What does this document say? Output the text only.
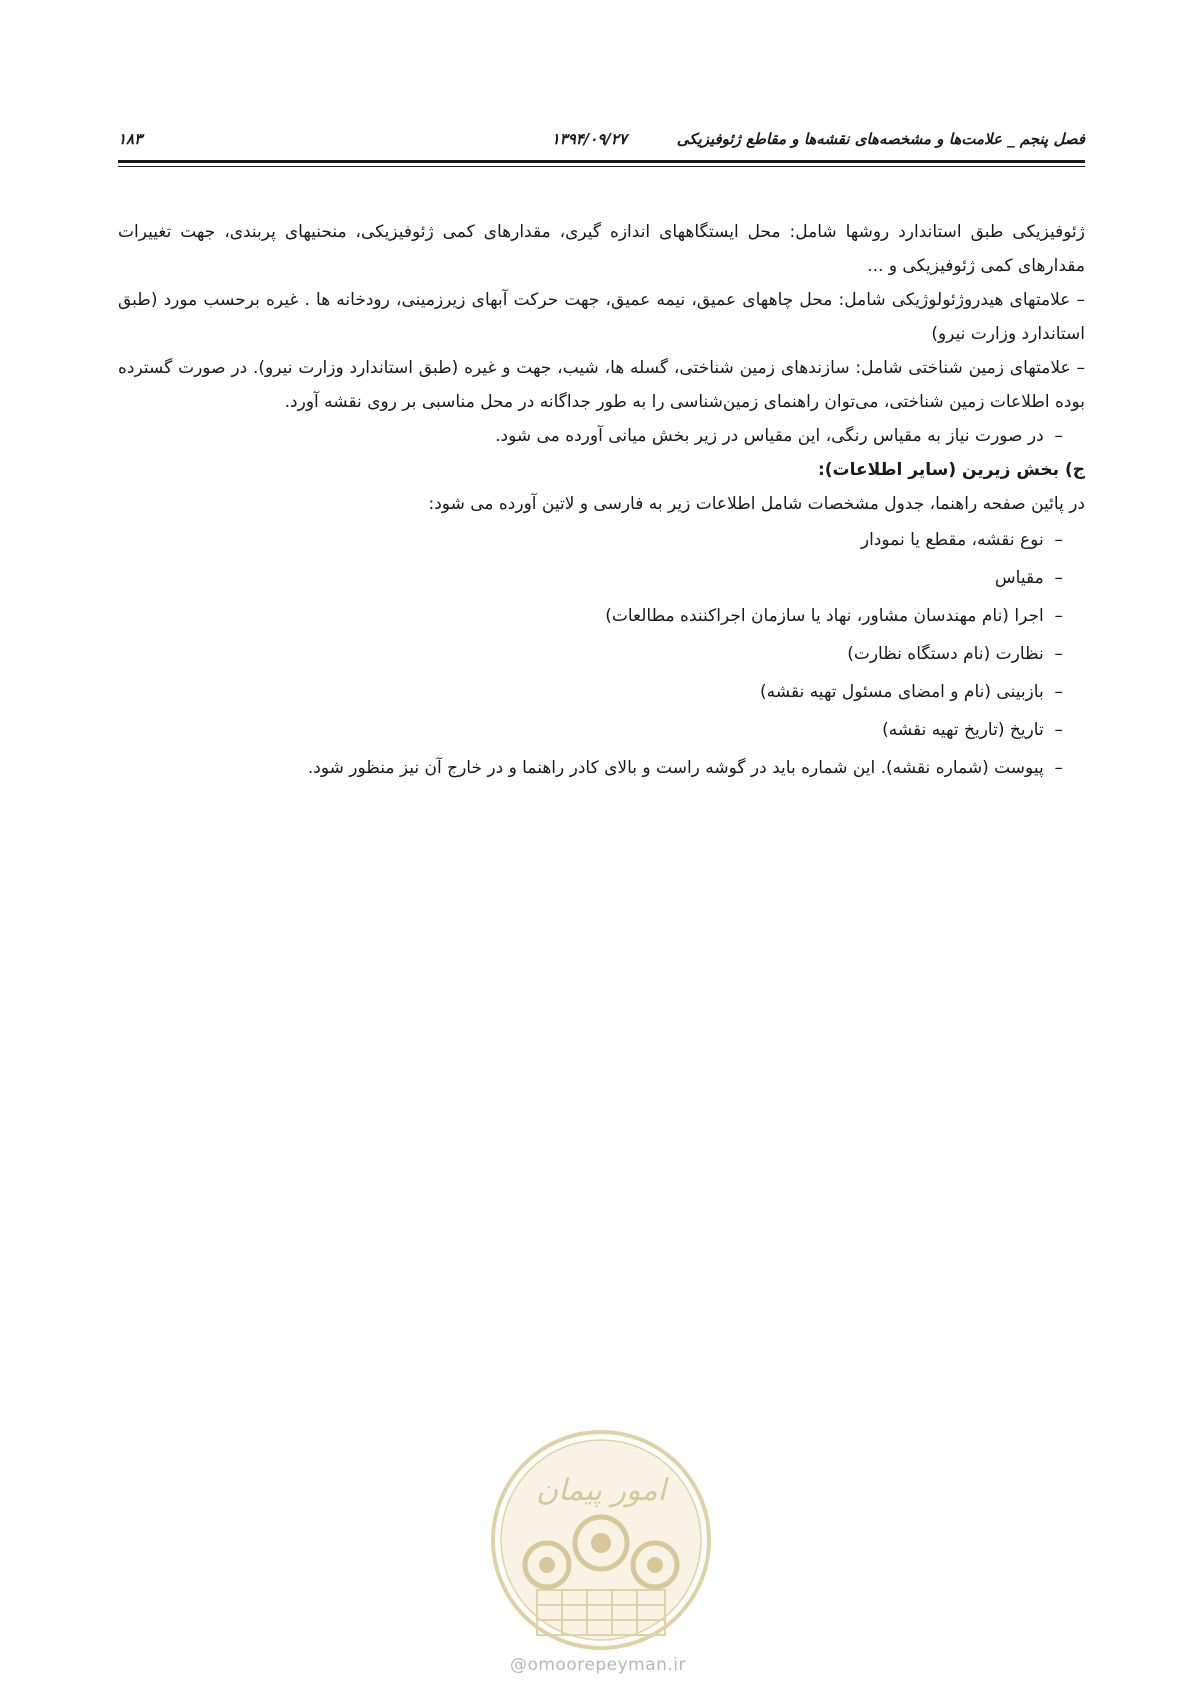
فصل پنجم _ علامت‌ها و مشخصه‌های نقشه‌ها و مقاطع ژئوفیزیکی
۱۳۹۴/۰۹/۲۷
۱۸۳

ژئوفیزیکی طبق استاندارد روشها شامل: محل ایستگاههای اندازه گیری، مقدارهای کمی ژئوفیزیکی، منحنیهای پربندی، جهت تغییرات مقدارهای کمی ژئوفیزیکی و ...

– علامتهای هیدروژئولوژیکی شامل: محل چاههای عمیق، نیمه عمیق، جهت حرکت آبهای زیرزمینی، رودخانه ها . غیره برحسب مورد (طبق استاندارد وزارت نیرو)

– علامتهای زمین شناختی شامل: سازندهای زمین شناختی، گسله ها، شیب، جهت و غیره (طبق استاندارد وزارت نیرو). در صورت گسترده بوده اطلاعات زمین شناختی، می‌توان راهنمای زمین‌شناسی را به طور جداگانه در محل مناسبی بر روی نقشه آورد.

–  در صورت نیاز به مقیاس رنگی، این مقیاس در زیر بخش میانی آورده می شود.

ج) بخش زیرین (سایر اطلاعات):

در پائین صفحه راهنما، جدول مشخصات شامل اطلاعات زیر به فارسی و لاتین آورده می شود:

–  نوع نقشه، مقطع یا نمودار
–  مقیاس
–  اجرا (نام مهندسان مشاور، نهاد یا سازمان اجراکننده مطالعات)
–  نظارت (نام دستگاه نظارت)
–  بازبینی (نام و امضای مسئول تهیه نقشه)
–  تاریخ (تاریخ تهیه نقشه)
–  پیوست (شماره نقشه). این شماره باید در گوشه راست و بالای کادر راهنما و در خارج آن نیز منظور شود.
امور پیمان
@omoorepeyman.ir
